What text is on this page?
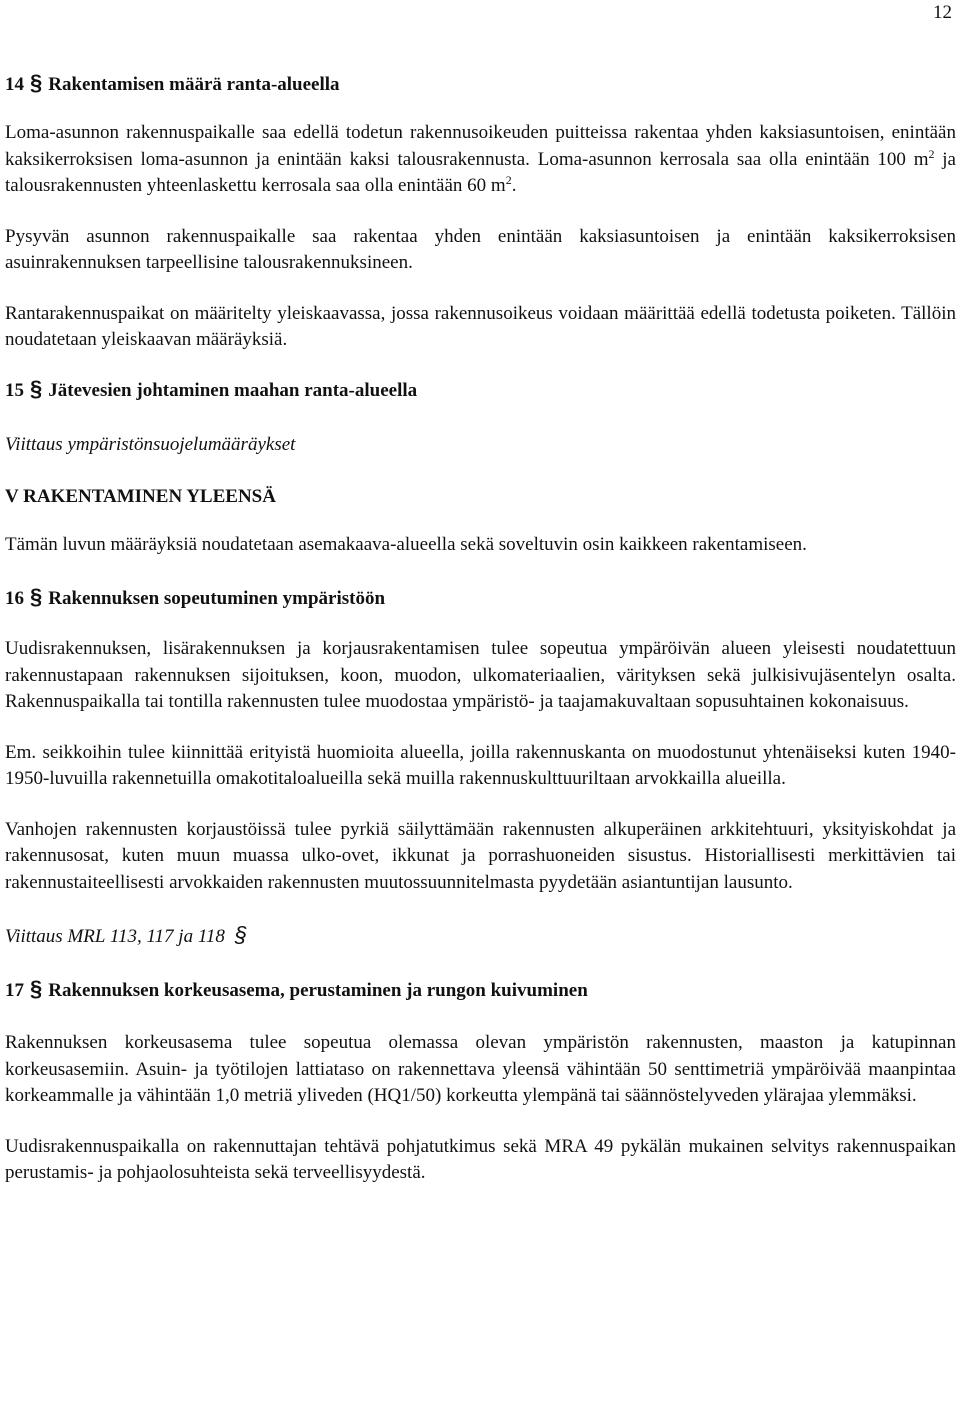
12
14 § Rakentamisen määrä ranta-alueella

Loma-asunnon rakennuspaikalle saa edellä todetun rakennusoikeuden puitteissa rakentaa yhden kaksiasuntoisen, enintään kaksikerroksisen loma-asunnon ja enintään kaksi talousrakennusta. Loma-asunnon kerrosala saa olla enintään 100 $m^2$ ja talousrakennusten yhteenlaskettu kerrosala saa olla enintään 60 $m^2$.

Pysyvän asunnon rakennuspaikalle saa rakentaa yhden enintään kaksiasuntoisen ja enintään kaksikerroksisen asuinrakennuksen tarpeellisine talousrakennuksineen.

Rantarakennuspaikat on määritelty yleiskaavassa, jossa rakennusoikeus voidaan määrittää edellä todetusta poiketen. Tällöin noudatetaan yleiskaavan määräyksiä.

15 § Jätevesien johtaminen maahan ranta-alueella

Viittaus ympäristönsuojelumääräykset

V RAKENTAMINEN YLEENSÄ

Tämän luvun määräyksiä noudatetaan asemakaava-alueella sekä soveltuvin osin kaikkeen rakentamiseen.

16 § Rakennuksen sopeutuminen ympäristöön

Uudisrakennuksen, lisärakennuksen ja korjausrakentamisen tulee sopeutua ympäröivän alueen yleisesti noudatettuun rakennustapaan rakennuksen sijoituksen, koon, muodon, ulkomateriaalien, värityksen sekä julkisivujäsentelyn osalta. Rakennuspaikalla tai tontilla rakennusten tulee muodostaa ympäristö- ja taajamakuvaltaan sopusuhtainen kokonaisuus.

Em. seikkoihin tulee kiinnittää erityistä huomioita alueella, joilla rakennuskanta on muodostunut yhtenäiseksi kuten 1940-1950-luvuilla rakennetuilla omakotitaloalueilla sekä muilla rakennuskulttuuriltaan arvokkailla alueilla.

Vanhojen rakennusten korjaustöissä tulee pyrkiä säilyttämään rakennusten alkuperäinen arkkitehtuuri, yksityiskohdat ja rakennusosat, kuten muun muassa ulko-ovet, ikkunat ja porrashuoneiden sisustus. Historiallisesti merkittävien tai rakennustaiteellisesti arvokkaiden rakennusten muutossuunnitelmasta pyydetään asiantuntijan lausunto.

Viittaus MRL 113, 117 ja 118 §

17 § Rakennuksen korkeusasema, perustaminen ja rungon kuivuminen

Rakennuksen korkeusasema tulee sopeutua olemassa olevan ympäristön rakennusten, maaston ja katupinnan korkeusasemiin. Asuin- ja työtilojen lattiataso on rakennettava yleensä vähintään 50 senttimetriä ympäröivää maanpintaa korkeammalle ja vähintään 1,0 metriä yliveden (HQ1/50) korkeutta ylempänä tai säännöstelyveden ylärajaa ylemmäksi.

Uudisrakennuspaikalla on rakennuttajan tehtävä pohjatutkimus sekä MRA 49 pykälän mukainen selvitys rakennuspaikan perustamis- ja pohjaolosuhteista sekä terveellisyydestä.
